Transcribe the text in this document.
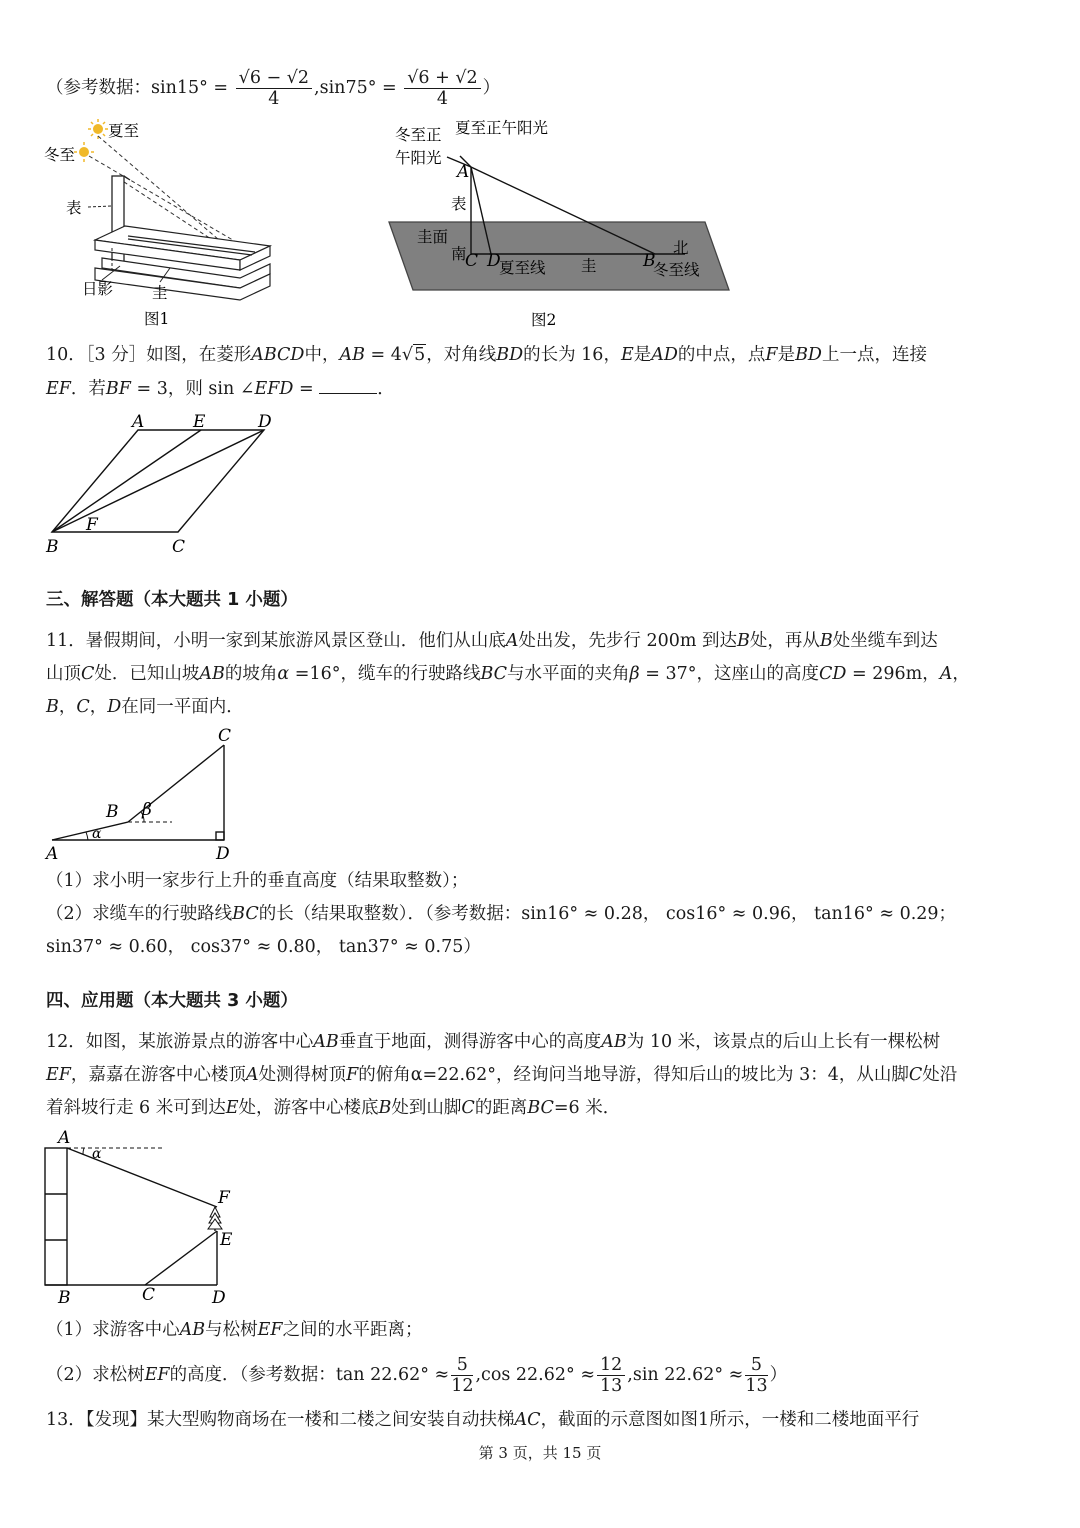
（参考数据：$\sin 15^\circ = \frac{√6 - √2}{4} ,\sin 75^\circ = \frac{√6 + √2}{4}$ ）
夏至
冬至
表
日影	圭
图1
冬至正
午阳光
夏至正午阳光
A
表
圭面
南
C D
夏至线 圭	B
北
冬至线
图2
10．［3 分］如图，在菱形ABCD中，AB = 4√5，对角线BD的长为 16，E是AD的中点，点F是BD上一点，连接
EF．若BF = 3，则 sin ∠EFD =	．
A	E	D
F
B	C
三、解答题（本大题共 1 小题）
11．暑假期间，小明一家到某旅游风景区登山．他们从山底A处出发，先步行 200m 到达B处，再从B处坐缆车到达
山顶C处．已知山坡AB的坡角α =16°，缆车的行驶路线BC与水平面的夹角β = 37°，这座山的高度CD = 296m，A，
B，C，D在同一平面内．
C
B β
α
A	D
（1）求小明一家步行上升的垂直高度（结果取整数）；
（2）求缆车的行驶路线BC的长（结果取整数）．（参考数据：sin16° ≈ 0.28， cos16° ≈ 0.96， tan16° ≈ 0.29；
sin37° ≈ 0.60， cos37° ≈ 0.80， tan37° ≈ 0.75）
四、应用题（本大题共 3 小题）
12．如图，某旅游景点的游客中心AB垂直于地面，测得游客中心的高度AB为 10 米，该景点的后山上长有一棵松树
EF，嘉嘉在游客中心楼顶A处测得树顶F的俯角α=22.62°，经询问当地导游，得知后山的坡比为 3：4，从山脚C处沿
着斜坡行走 6 米可到达E处，游客中心楼底B处到山脚C的距离BC=6 米．
A
α
F
E
B	C	D
（1）求游客中心AB与松树EF之间的水平距离；
（2）求松树EF的高度．（参考数据：$\tan 22.62^\circ \approx \frac{5}{12} ,\cos$ $22.62^\circ \approx \frac{12}{13} ,\sin$ $22.62^\circ \approx \frac{5}{13}$ ）
13．【发现】某大型购物商场在一楼和二楼之间安装自动扶梯AC，截面的示意图如图1所示，一楼和二楼地面平行
第 3 页，共 15 页
